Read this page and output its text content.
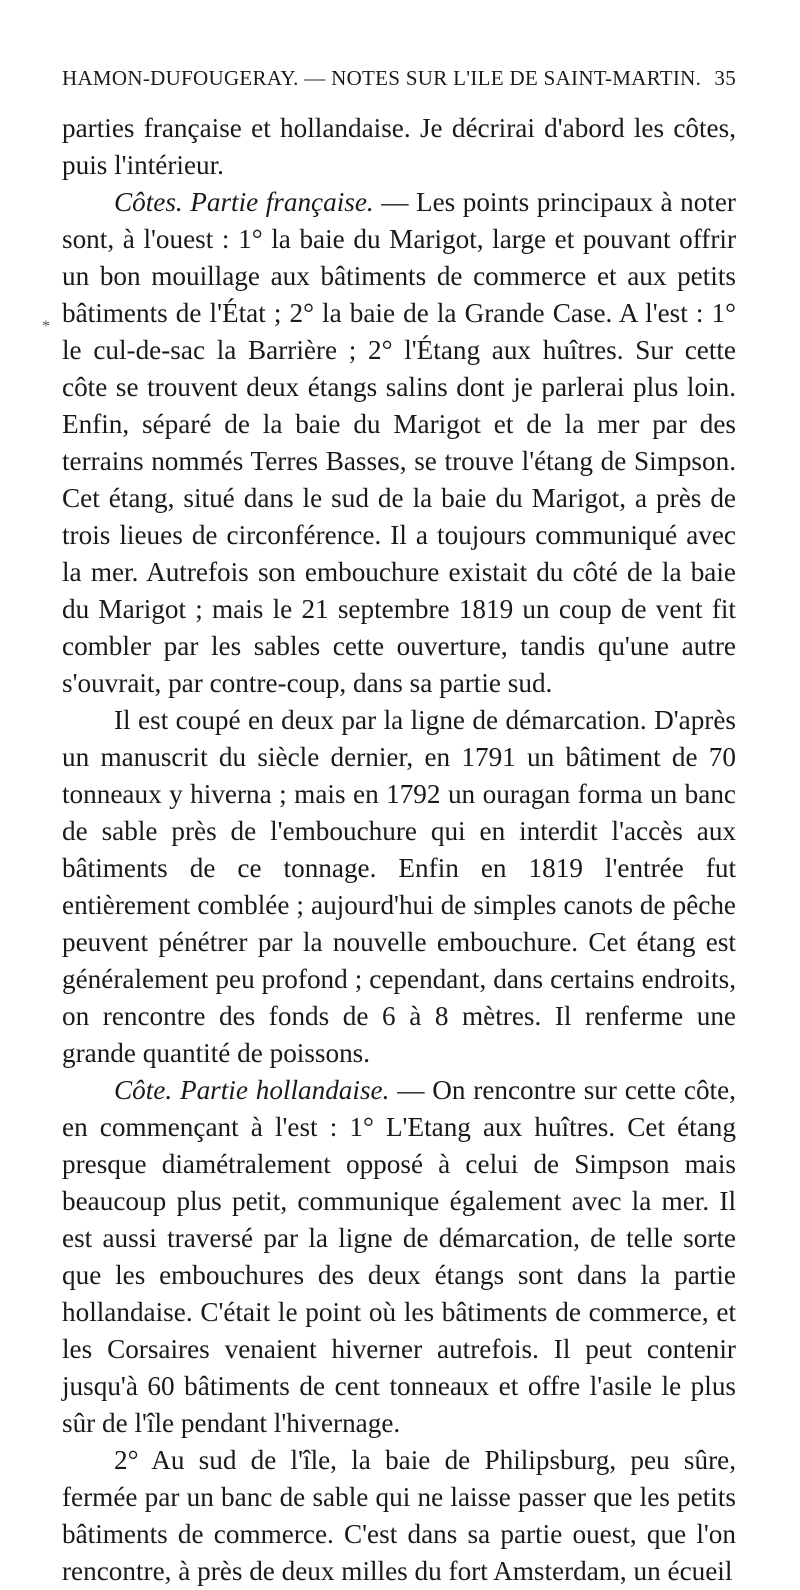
HAMON-DUFOUGERAY. — NOTES SUR L'ILE DE SAINT-MARTIN. 35
*

parties française et hollandaise. Je décrirai d'abord les côtes, puis l'intérieur.

Côtes. Partie française. — Les points principaux à noter sont, à l'ouest : 1° la baie du Marigot, large et pouvant offrir un bon mouillage aux bâtiments de commerce et aux petits bâtiments de l'État ; 2° la baie de la Grande Case. A l'est : 1° le cul-de-sac la Barrière ; 2° l'Étang aux huîtres. Sur cette côte se trouvent deux étangs salins dont je parlerai plus loin. Enfin, séparé de la baie du Marigot et de la mer par des terrains nommés Terres Basses, se trouve l'étang de Simpson. Cet étang, situé dans le sud de la baie du Marigot, a près de trois lieues de circonférence. Il a toujours communiqué avec la mer. Autrefois son embouchure existait du côté de la baie du Marigot ; mais le 21 septembre 1819 un coup de vent fit combler par les sables cette ouverture, tandis qu'une autre s'ouvrait, par contre-coup, dans sa partie sud.

Il est coupé en deux par la ligne de démarcation. D'après un manuscrit du siècle dernier, en 1791 un bâtiment de 70 tonneaux y hiverna ; mais en 1792 un ouragan forma un banc de sable près de l'embouchure qui en interdit l'accès aux bâtiments de ce tonnage. Enfin en 1819 l'entrée fut entièrement comblée ; aujourd'hui de simples canots de pêche peuvent pénétrer par la nouvelle embouchure. Cet étang est généralement peu profond ; cependant, dans certains endroits, on rencontre des fonds de 6 à 8 mètres. Il renferme une grande quantité de poissons.

Côte. Partie hollandaise. — On rencontre sur cette côte, en commençant à l'est : 1° L'Etang aux huîtres. Cet étang presque diamétralement opposé à celui de Simpson mais beaucoup plus petit, communique également avec la mer. Il est aussi traversé par la ligne de démarcation, de telle sorte que les embouchures des deux étangs sont dans la partie hollandaise. C'était le point où les bâtiments de commerce, et les Corsaires venaient hiverner autrefois. Il peut contenir jusqu'à 60 bâtiments de cent tonneaux et offre l'asile le plus sûr de l'île pendant l'hivernage.

2° Au sud de l'île, la baie de Philipsburg, peu sûre, fermée par un banc de sable qui ne laisse passer que les petits bâtiments de commerce. C'est dans sa partie ouest, que l'on rencontre, à près de deux milles du fort Amsterdam, un écueil
